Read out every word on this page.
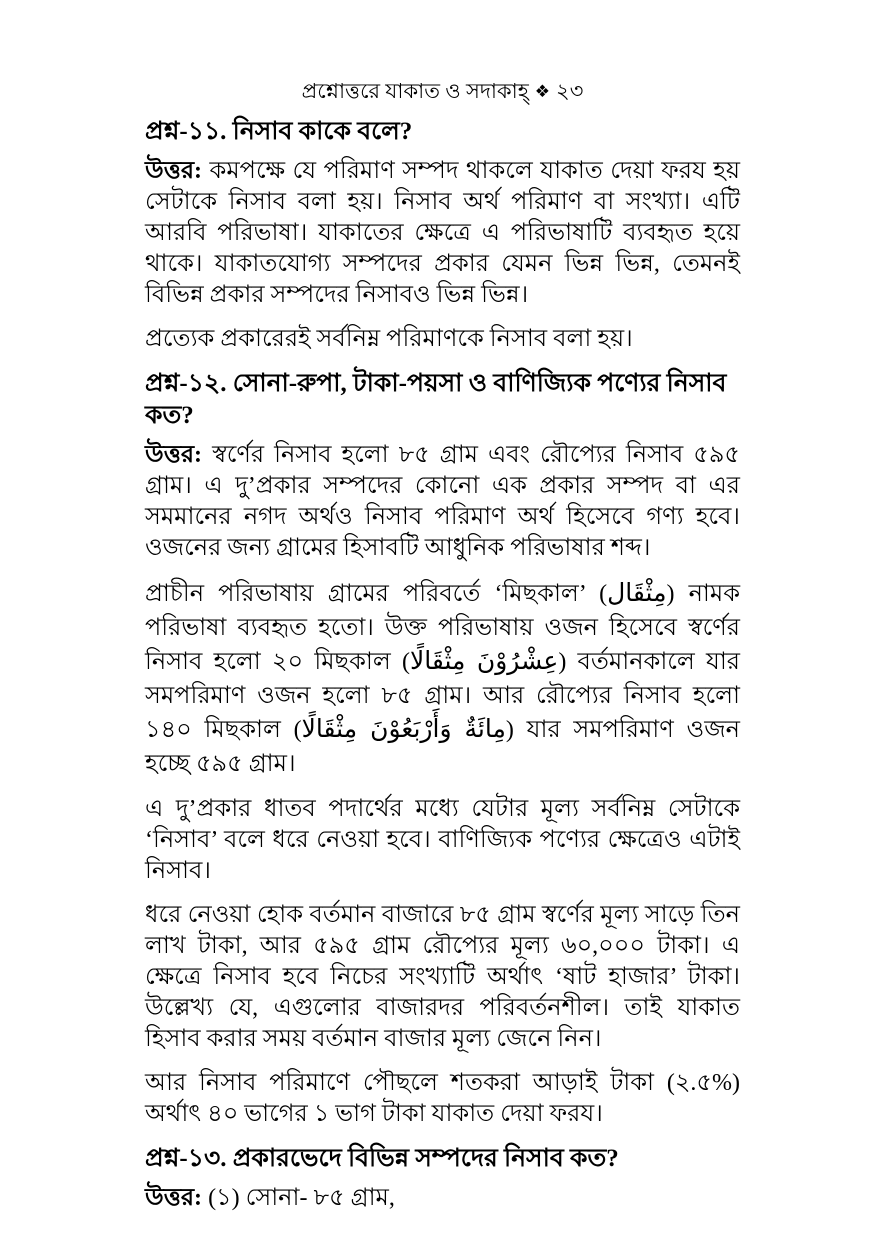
প্রশ্নোত্তরে যাকাত ও সদাকাহ্ ❖ ২৩
প্রশ্ন-১১. নিসাব কাকে বলে?

উত্তর: কমপক্ষে যে পরিমাণ সম্পদ থাকলে যাকাত দেয়া ফরয হয় সেটাকে নিসাব বলা হয়। নিসাব অর্থ পরিমাণ বা সংখ্যা। এটি আরবি পরিভাষা। যাকাতের ক্ষেত্রে এ পরিভাষাটি ব্যবহৃত হয়ে থাকে। যাকাতযোগ্য সম্পদের প্রকার যেমন ভিন্ন ভিন্ন, তেমনই বিভিন্ন প্রকার সম্পদের নিসাবও ভিন্ন ভিন্ন।

প্রত্যেক প্রকারেরই সর্বনিম্ন পরিমাণকে নিসাব বলা হয়।

প্রশ্ন-১২. সোনা-রুপা, টাকা-পয়সা ও বাণিজ্যিক পণ্যের নিসাব কত?

উত্তর: স্বর্ণের নিসাব হলো ৮৫ গ্রাম এবং রৌপ্যের নিসাব ৫৯৫ গ্রাম। এ দু’প্রকার সম্পদের কোনো এক প্রকার সম্পদ বা এর সমমানের নগদ অর্থও নিসাব পরিমাণ অর্থ হিসেবে গণ্য হবে। ওজনের জন্য গ্রামের হিসাবটি আধুনিক পরিভাষার শব্দ।

প্রাচীন পরিভাষায় গ্রামের পরিবর্তে ‘মিছকাল’ (مِثْقَال) নামক পরিভাষা ব্যবহৃত হতো। উক্ত পরিভাষায় ওজন হিসেবে স্বর্ণের নিসাব হলো ২০ মিছকাল (عِشْرُوْنَ مِثْقَالًا) বর্তমানকালে যার সমপরিমাণ ওজন হলো ৮৫ গ্রাম। আর রৌপ্যের নিসাব হলো ১৪০ মিছকাল (مِائَةٌ وَأَرْبَعُوْنَ مِثْقَالًا) যার সমপরিমাণ ওজন হচ্ছে ৫৯৫ গ্রাম।

এ দু’প্রকার ধাতব পদার্থের মধ্যে যেটার মূল্য সর্বনিম্ন সেটাকে ‘নিসাব’ বলে ধরে নেওয়া হবে। বাণিজ্যিক পণ্যের ক্ষেত্রেও এটাই নিসাব।

ধরে নেওয়া হোক বর্তমান বাজারে ৮৫ গ্রাম স্বর্ণের মূল্য সাড়ে তিন লাখ টাকা, আর ৫৯৫ গ্রাম রৌপ্যের মূল্য ৬০,০০০ টাকা। এ ক্ষেত্রে নিসাব হবে নিচের সংখ্যাটি অর্থাৎ ‘ষাট হাজার’ টাকা। উল্লেখ্য যে, এগুলোর বাজারদর পরিবর্তনশীল। তাই যাকাত হিসাব করার সময় বর্তমান বাজার মূল্য জেনে নিন।

আর নিসাব পরিমাণে পৌছলে শতকরা আড়াই টাকা (২.৫%) অর্থাৎ ৪০ ভাগের ১ ভাগ টাকা যাকাত দেয়া ফরয।

প্রশ্ন-১৩. প্রকারভেদে বিভিন্ন সম্পদের নিসাব কত?

উত্তর: (১) সোনা- ৮৫ গ্রাম,
